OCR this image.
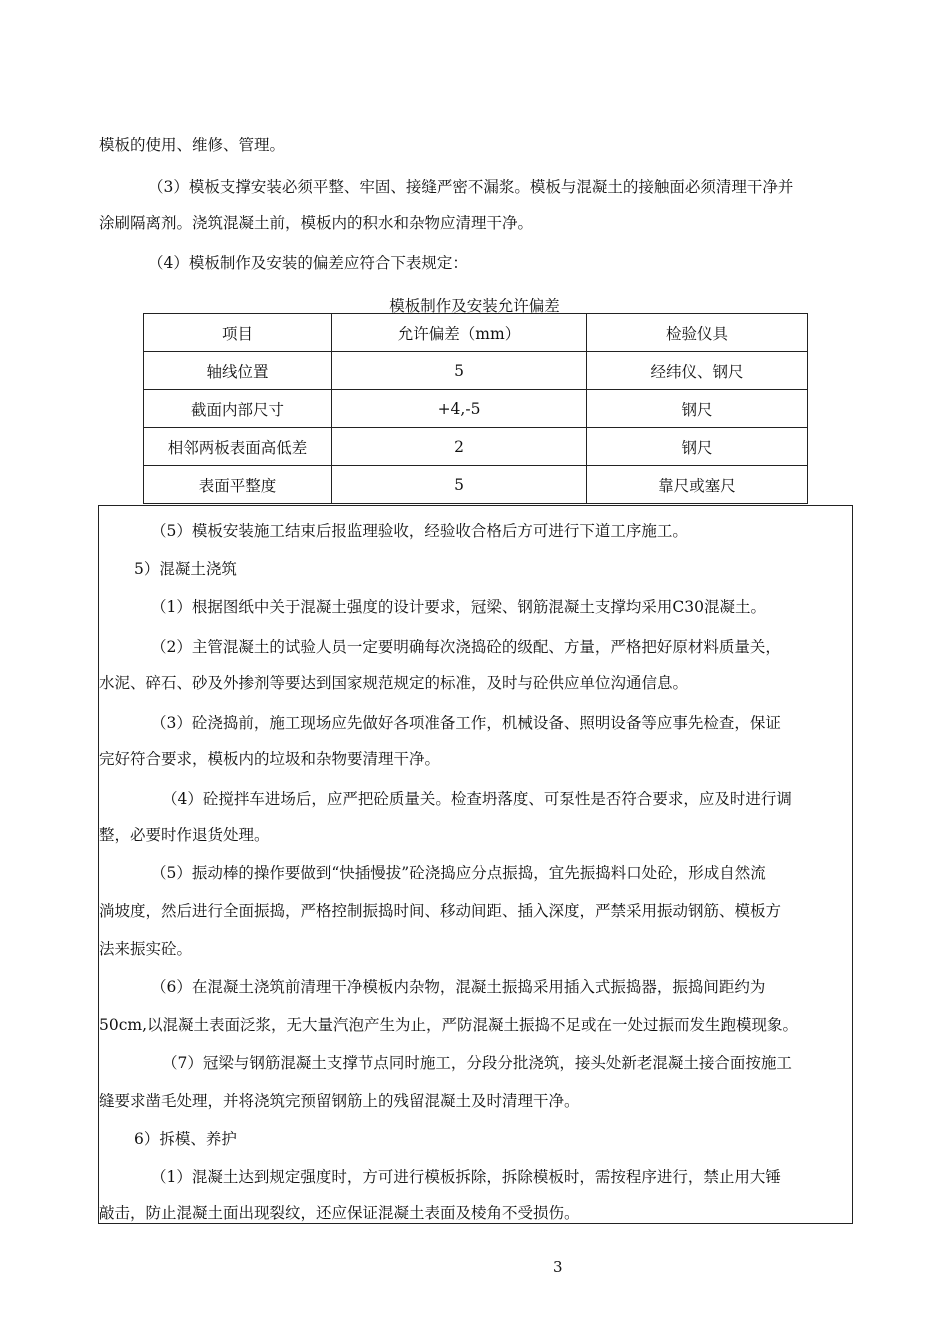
模板的使用、维修、管理。
（3）模板支撑安装必须平整、牢固、接缝严密不漏浆。模板与混凝土的接触面必须清理干净并
涂刷隔离剂。浇筑混凝土前，模板内的积水和杂物应清理干净。
（4）模板制作及安装的偏差应符合下表规定：
模板制作及安装允许偏差
项目	允许偏差（mm）	检验仪具
轴线位置	5	经纬仪、钢尺
截面内部尺寸	+4,-5	钢尺
相邻两板表面高低差	2	钢尺
表面平整度	5	靠尺或塞尺
（5）模板安装施工结束后报监理验收，经验收合格后方可进行下道工序施工。
5）混凝土浇筑
（1）根据图纸中关于混凝土强度的设计要求，冠梁、钢筋混凝土支撑均采用C30混凝土。
（2）主管混凝土的试验人员一定要明确每次浇捣砼的级配、方量，严格把好原材料质量关，
水泥、碎石、砂及外掺剂等要达到国家规范规定的标准，及时与砼供应单位沟通信息。
（3）砼浇捣前，施工现场应先做好各项准备工作，机械设备、照明设备等应事先检查，保证
完好符合要求，模板内的垃圾和杂物要清理干净。
（4）砼搅拌车进场后，应严把砼质量关。检查坍落度、可泵性是否符合要求，应及时进行调
整，必要时作退货处理。
（5）振动棒的操作要做到“快插慢拔”砼浇捣应分点振捣，宜先振捣料口处砼，形成自然流
淌坡度，然后进行全面振捣，严格控制振捣时间、移动间距、插入深度，严禁采用振动钢筋、模板方
法来振实砼。
（6）在混凝土浇筑前清理干净模板内杂物，混凝土振捣采用插入式振捣器，振捣间距约为
50cm,以混凝土表面泛浆，无大量汽泡产生为止，严防混凝土振捣不足或在一处过振而发生跑模现象。
（7）冠梁与钢筋混凝土支撑节点同时施工，分段分批浇筑，接头处新老混凝土接合面按施工
缝要求凿毛处理，并将浇筑完预留钢筋上的残留混凝土及时清理干净。
6）拆模、养护
（1）混凝土达到规定强度时，方可进行模板拆除，拆除模板时，需按程序进行，禁止用大锤
敲击，防止混凝土面出现裂纹，还应保证混凝土表面及棱角不受损伤。
3
